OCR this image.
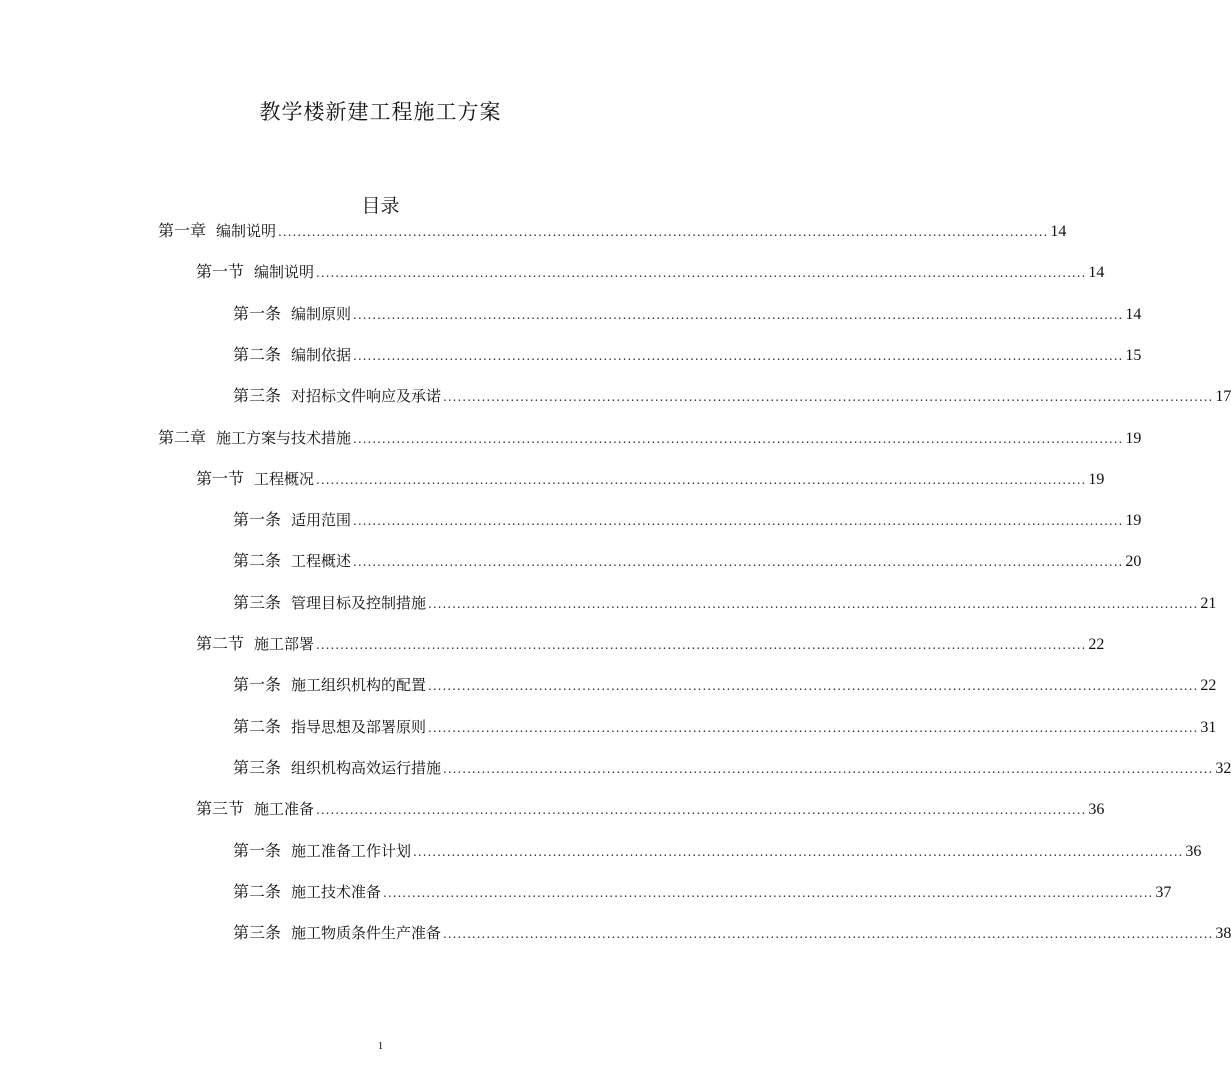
教学楼新建工程施工方案
目录
第一章 编制说明 ................................................................................................................................................................ 14
第一节 编制说明 ................................................................................................................................................................ 14
第一条 编制原则 ................................................................................................................................................................ 14
第二条 编制依据 ................................................................................................................................................................ 15
第三条 对招标文件响应及承诺 ................................................................................................................................................................ 17
第二章 施工方案与技术措施 ................................................................................................................................................................ 19
第一节 工程概况 ................................................................................................................................................................ 19
第一条 适用范围 ................................................................................................................................................................ 19
第二条 工程概述 ................................................................................................................................................................ 20
第三条 管理目标及控制措施 ................................................................................................................................................................ 21
第二节 施工部署 ................................................................................................................................................................ 22
第一条 施工组织机构的配置 ................................................................................................................................................................ 22
第二条 指导思想及部署原则 ................................................................................................................................................................ 31
第三条 组织机构高效运行措施 ................................................................................................................................................................ 32
第三节 施工准备 ................................................................................................................................................................ 36
第一条 施工准备工作计划 ................................................................................................................................................................ 36
第二条 施工技术准备 ................................................................................................................................................................ 37
第三条 施工物质条件生产准备 ................................................................................................................................................................ 38
1
